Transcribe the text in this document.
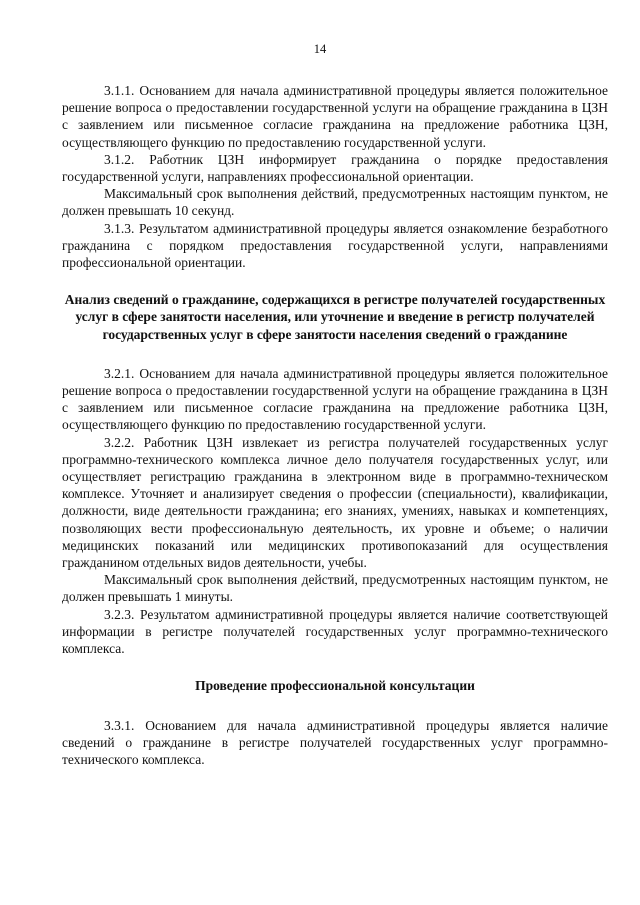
14

3.1.1. Основанием для начала административной процедуры является положительное решение вопроса о предоставлении государственной услуги на обращение гражданина в ЦЗН с заявлением или письменное согласие гражданина на предложение работника ЦЗН, осуществляющего функцию по предоставлению государственной услуги.

3.1.2. Работник ЦЗН информирует гражданина о порядке предоставления государственной услуги, направлениях профессиональной ориентации.

Максимальный срок выполнения действий, предусмотренных настоящим пунктом, не должен превышать 10 секунд.

3.1.3. Результатом административной процедуры является ознакомление безработного гражданина с порядком предоставления государственной услуги, направлениями профессиональной ориентации.

Анализ сведений о гражданине, содержащихся в регистре получателей государственных услуг в сфере занятости населения, или уточнение и введение в регистр получателей государственных услуг в сфере занятости населения сведений о гражданине

3.2.1. Основанием для начала административной процедуры является положительное решение вопроса о предоставлении государственной услуги на обращение гражданина в ЦЗН с заявлением или письменное согласие гражданина на предложение работника ЦЗН, осуществляющего функцию по предоставлению государственной услуги.

3.2.2. Работник ЦЗН извлекает из регистра получателей государственных услуг программно-технического комплекса личное дело получателя государственных услуг, или осуществляет регистрацию гражданина в электронном виде в программно-техническом комплексе. Уточняет и анализирует сведения о профессии (специальности), квалификации, должности, виде деятельности гражданина; его знаниях, умениях, навыках и компетенциях, позволяющих вести профессиональную деятельность, их уровне и объеме; о наличии медицинских показаний или медицинских противопоказаний для осуществления гражданином отдельных видов деятельности, учебы.

Максимальный срок выполнения действий, предусмотренных настоящим пунктом, не должен превышать 1 минуты.

3.2.3. Результатом административной процедуры является наличие соответствующей информации в регистре получателей государственных услуг программно-технического комплекса.

Проведение профессиональной консультации

3.3.1. Основанием для начала административной процедуры является наличие сведений о гражданине в регистре получателей государственных услуг программно-технического комплекса.
